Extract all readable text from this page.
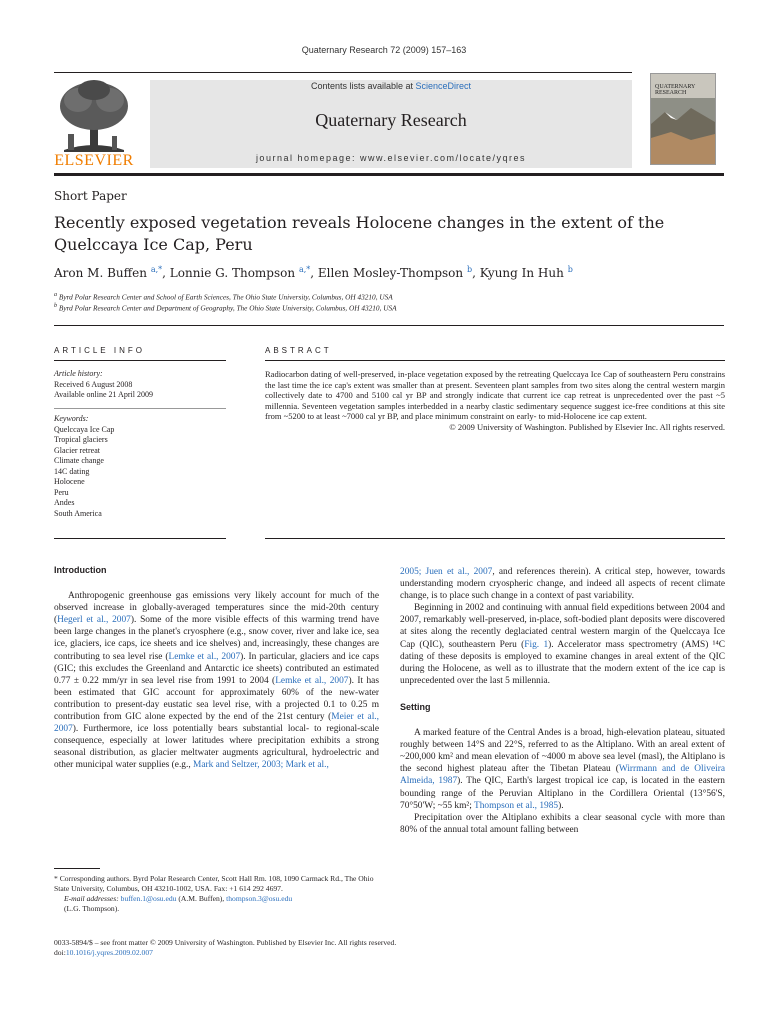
Quaternary Research 72 (2009) 157–163
ELSEVIER
Contents lists available at ScienceDirect
Quaternary Research
journal homepage: www.elsevier.com/locate/yqres
QUATERNARY RESEARCH
Short Paper
Recently exposed vegetation reveals Holocene changes in the extent of the Quelccaya Ice Cap, Peru
Aron M. Buffen $^{a,*}$, Lonnie G. Thompson $^{a,*}$, Ellen Mosley-Thompson $^b$, Kyung In Huh $^b$
$^a$ Byrd Polar Research Center and School of Earth Sciences, The Ohio State University, Columbus, OH 43210, USA
$^b$ Byrd Polar Research Center and Department of Geography, The Ohio State University, Columbus, OH 43210, USA
ARTICLE INFO
Article history:
Received 6 August 2008
Available online 21 April 2009
Keywords:
Quelccaya Ice Cap
Tropical glaciers
Glacier retreat
Climate change
14C dating
Holocene
Peru
Andes
South America
ABSTRACT
Radiocarbon dating of well-preserved, in-place vegetation exposed by the retreating Quelccaya Ice Cap of southeastern Peru constrains the last time the ice cap's extent was smaller than at present. Seventeen plant samples from two sites along the central western margin collectively date to 4700 and 5100 cal yr BP and strongly indicate that current ice cap retreat is unprecedented over the past ~5 millennia. Seventeen vegetation samples interbedded in a nearby clastic sedimentary sequence suggest ice-free conditions at this site from ~5200 to at least ~7000 cal yr BP, and place minimum constraint on early- to mid-Holocene ice cap extent.
© 2009 University of Washington. Published by Elsevier Inc. All rights reserved.
Introduction

Anthropogenic greenhouse gas emissions very likely account for much of the observed increase in globally-averaged temperatures since the mid-20th century (Hegerl et al., 2007). Some of the more visible effects of this warming trend have been large changes in the planet's cryosphere (e.g., snow cover, river and lake ice, sea ice, glaciers, ice caps, ice sheets and ice shelves) and, increasingly, these changes are contributing to sea level rise (Lemke et al., 2007). In particular, glaciers and ice caps (GIC; this excludes the Greenland and Antarctic ice sheets) contributed an estimated 0.77 ± 0.22 mm/yr in sea level rise from 1991 to 2004 (Lemke et al., 2007). It has been estimated that GIC account for approximately 60% of the new-water contribution to present-day eustatic sea level rise, with a projected 0.1 to 0.25 m contribution from GIC alone expected by the end of the 21st century (Meier et al., 2007). Furthermore, ice loss potentially bears substantial local- to regional-scale consequence, especially at lower latitudes where precipitation exhibits a strong seasonal distribution, as glacier meltwater augments agricultural, hydroelectric and other municipal water supplies (e.g., Mark and Seltzer, 2003; Mark et al.,

* Corresponding authors. Byrd Polar Research Center, Scott Hall Rm. 108, 1090 Carmack Rd., The Ohio State University, Columbus, OH 43210-1002, USA. Fax: +1 614 292 4697.
E-mail addresses: buffen.1@osu.edu (A.M. Buffen), thompson.3@osu.edu
(L.G. Thompson).
0033-5894/$ – see front matter © 2009 University of Washington. Published by Elsevier Inc. All rights reserved.
doi:10.1016/j.yqres.2009.02.007

2005; Juen et al., 2007, and references therein). A critical step, however, towards understanding modern cryospheric change, and indeed all aspects of recent climate change, is to place such change in a context of past variability.

Beginning in 2002 and continuing with annual field expeditions between 2004 and 2007, remarkably well-preserved, in-place, soft-bodied plant deposits were discovered at sites along the recently deglaciated central western margin of the Quelccaya Ice Cap (QIC), southeastern Peru (Fig. 1). Accelerator mass spectrometry (AMS) ¹⁴C dating of these deposits is employed to examine changes in areal extent of the QIC during the Holocene, as well as to illustrate that the modern extent of the ice cap is unprecedented over the last 5 millennia.

Setting

A marked feature of the Central Andes is a broad, high-elevation plateau, situated roughly between 14°S and 22°S, referred to as the Altiplano. With an areal extent of ~200,000 km² and mean elevation of ~4000 m above sea level (masl), the Altiplano is the second highest plateau after the Tibetan Plateau (Wirrmann and de Oliveira Almeida, 1987). The QIC, Earth's largest tropical ice cap, is located in the eastern bounding range of the Peruvian Altiplano in the Cordillera Oriental (13°56'S, 70°50'W; ~55 km²; Thompson et al., 1985).

Precipitation over the Altiplano exhibits a clear seasonal cycle with more than 80% of the annual total amount falling between
